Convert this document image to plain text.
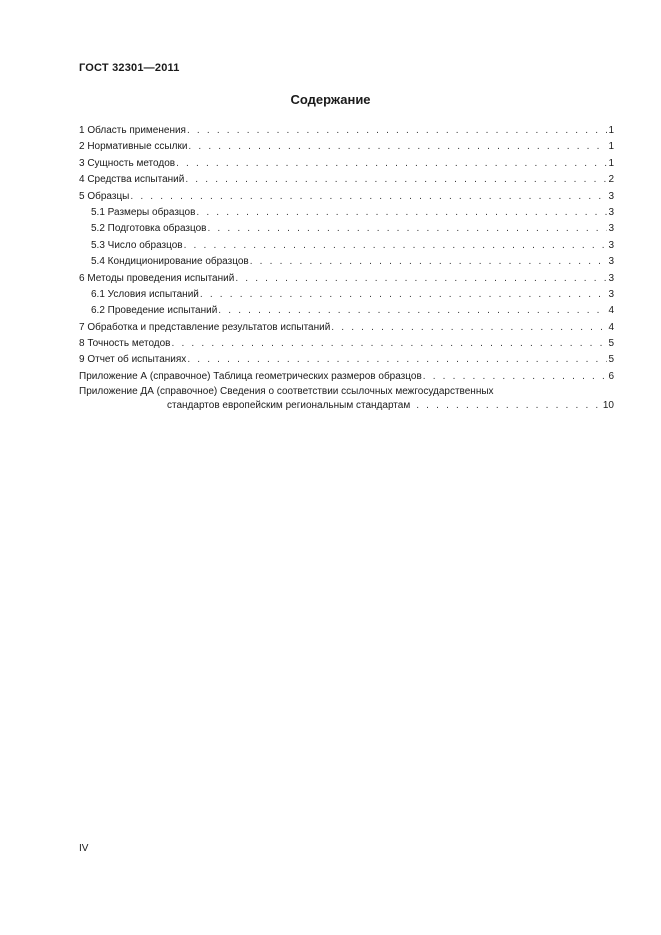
ГОСТ 32301—2011
Содержание
1 Область применения . . .	1
2 Нормативные ссылки . . .	1
3 Сущность методов . . .	1
4 Средства испытаний . . .	2
5 Образцы . . .	3
5.1 Размеры образцов . . .	3
5.2 Подготовка образцов . . .	3
5.3 Число образцов . . .	3
5.4 Кондиционирование образцов . . .	3
6 Методы проведения испытаний . . .	3
6.1 Условия испытаний . . .	3
6.2 Проведение испытаний . . .	4
7 Обработка и представление результатов испытаний . . .	4
8 Точность методов . . .	5
9 Отчет об испытаниях . . .	5
Приложение А (справочное) Таблица геометрических размеров образцов . . .	6
Приложение ДА (справочное) Сведения о соответствии ссылочных межгосударственных
стандартов европейским региональным стандартам . . .	10
IV
